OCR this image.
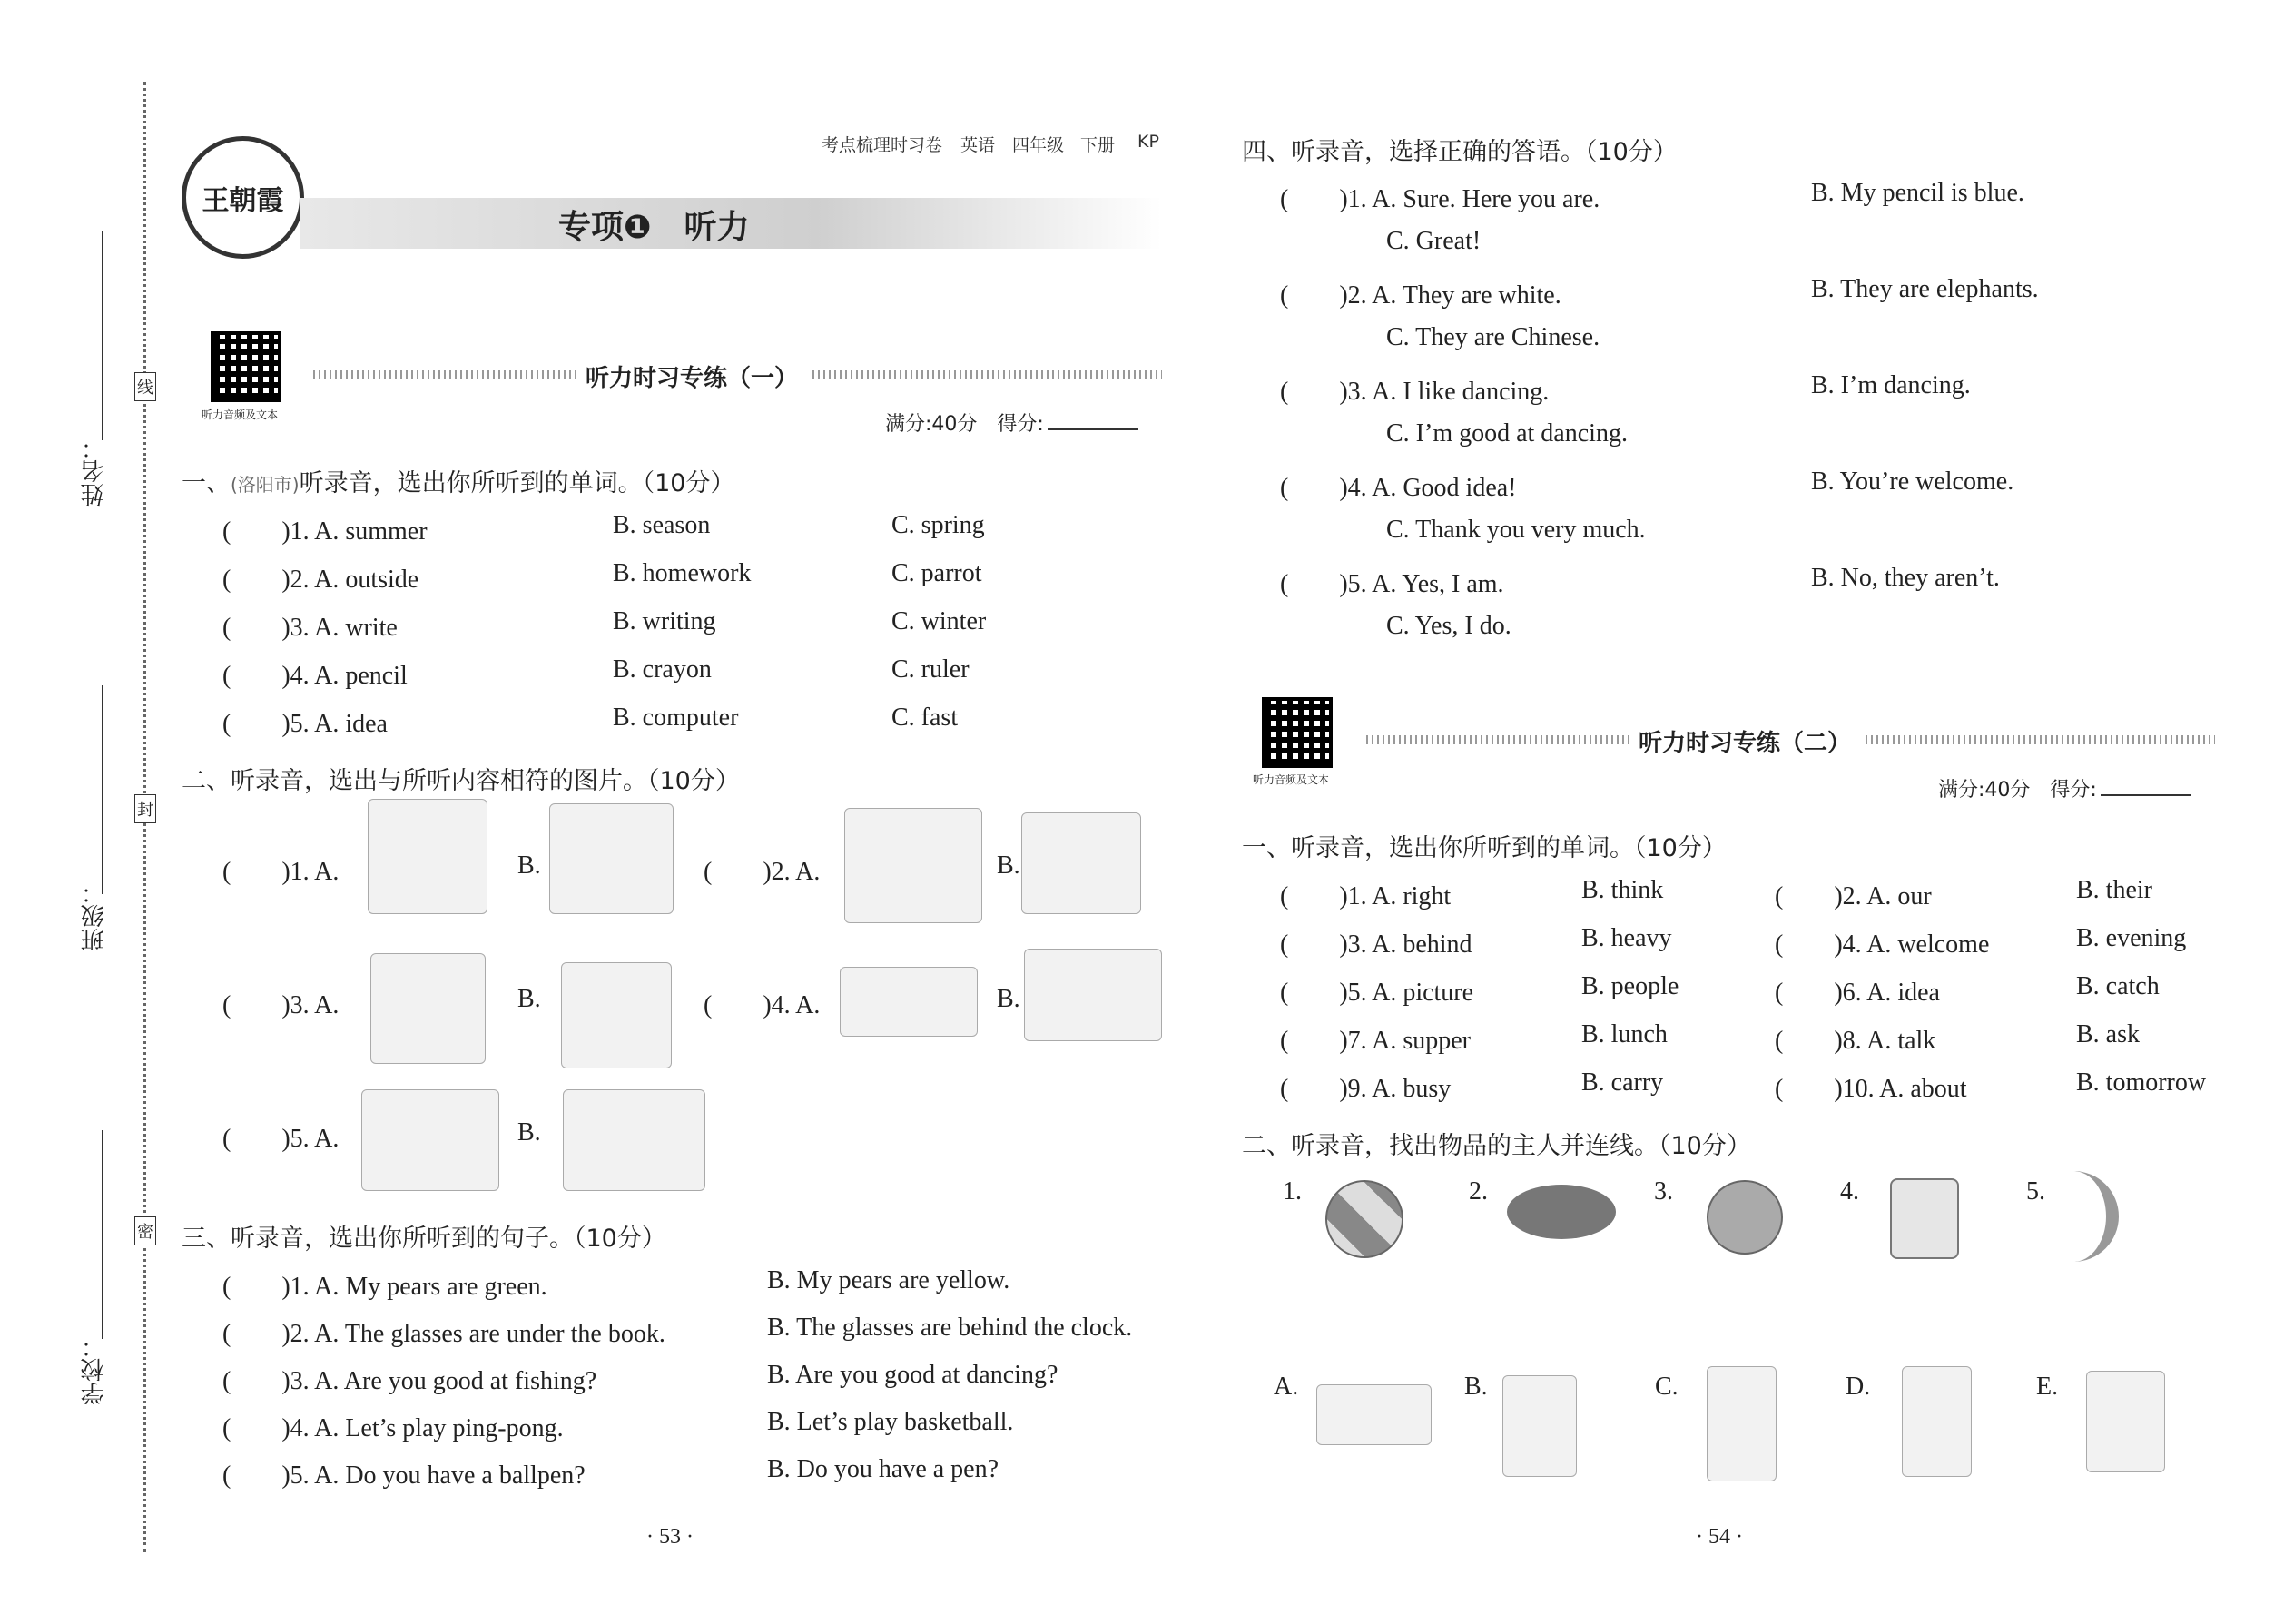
姓名：
班级：
学校：
线
封
密
王朝霞
考点梳理时习卷 英语 四年级 下册 KP
专项❶　听力
听力音频及文本
听力时习专练（一）
满分:40分　得分:
一、(洛阳市)听录音，选出你所听到的单词。（10分）
(　　)1. A. summer	B. season	C. spring
(　　)2. A. outside	B. homework	C. parrot
(　　)3. A. write	B. writing	C. winter
(　　)4. A. pencil	B. crayon	C. ruler
(　　)5. A. idea	B. computer	C. fast
二、听录音，选出与所听内容相符的图片。（10分）
(　　)1. A.	B.	(　　)2. A.	B.
(　　)3. A.	B.	(　　)4. A.	B.
(　　)5. A.	B.
三、听录音，选出你所听到的句子。（10分）
(　　)1. A. My pears are green.	B. My pears are yellow.
(　　)2. A. The glasses are under the book.	B. The glasses are behind the clock.
(　　)3. A. Are you good at fishing?	B. Are you good at dancing?
(　　)4. A. Let’s play ping-pong.	B. Let’s play basketball.
(　　)5. A. Do you have a ballpen?	B. Do you have a pen?
· 53 ·
四、听录音，选择正确的答语。（10分）
(　　)1. A. Sure. Here you are.	B. My pencil is blue.
C. Great!
(　　)2. A. They are white.	B. They are elephants.
C. They are Chinese.
(　　)3. A. I like dancing.	B. I’m dancing.
C. I’m good at dancing.
(　　)4. A. Good idea!	B. You’re welcome.
C. Thank you very much.
(　　)5. A. Yes, I am.	B. No, they aren’t.
C. Yes, I do.
听力音频及文本
听力时习专练（二）
满分:40分　得分:
一、听录音，选出你所听到的单词。（10分）
(　　)1. A. right	B. think	(　　)2. A. our	B. their
(　　)3. A. behind	B. heavy	(　　)4. A. welcome	B. evening
(　　)5. A. picture	B. people	(　　)6. A. idea	B. catch
(　　)7. A. supper	B. lunch	(　　)8. A. talk	B. ask
(　　)9. A. busy	B. carry	(　　)10. A. about	B. tomorrow
二、听录音，找出物品的主人并连线。（10分）
1.	2.	3.	4.	5.
A.	B.	C.	D.	E.
· 54 ·
